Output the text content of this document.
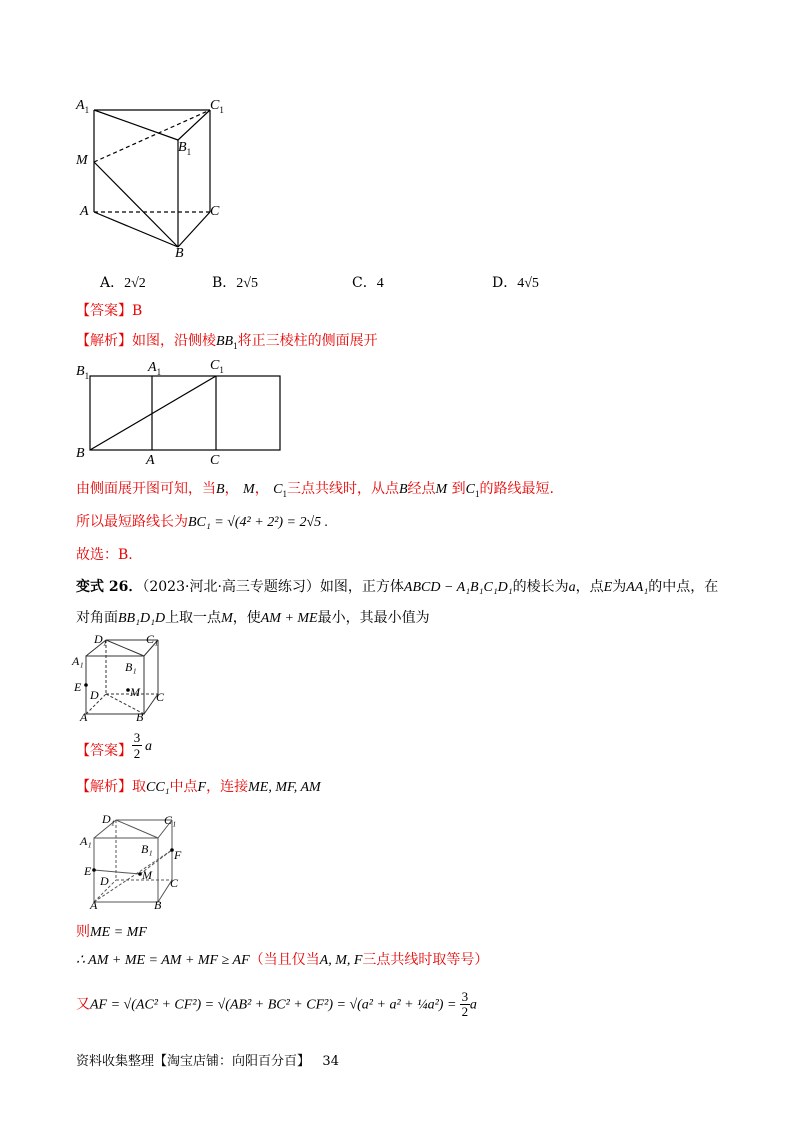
$A_1$	$C_1$
$B_1$
M
A	C
B
A．2√2	B．2√5	C．4	D．4√5
【答案】B
【解析】如图，沿侧棱$BB_1$将正三棱柱的侧面展开
$B_1$
$A_1$	$C_1$
B	A	C
由侧面展开图可知，当B， M， $C_1$三点共线时，从点B经点M 到$C_1$的路线最短.
所以最短路线长为BC₁ = √(4² + 2²) = 2√5 .
故选：B.
变式 26．（2023·河北·高三专题练习）如图，正方体ABCD − A₁B₁C₁D₁的棱长为a，点E为AA₁的中点，在
对角面BB₁D₁D上取一点M，使AM + ME最小，其最小值为
D₁	C₁
A₁	B₁
E
D	M C
A	B
【答案】
3
2 a
【解析】取CC₁中点F，连接ME, MF, AM
D₁	C₁
A₁
B₁ F
E
D	M
C
A	B
则ME = MF
∴ AM + ME = AM + MF ≥ AF（当且仅当A, M, F三点共线时取等号）
又AF = √(AC² + CF²) = √(AB² + BC² + CF²) = √(a² + a² + ¼a²) = $\frac{3}{2}$ a
资料收集整理【淘宝店铺：向阳百分百】 34
